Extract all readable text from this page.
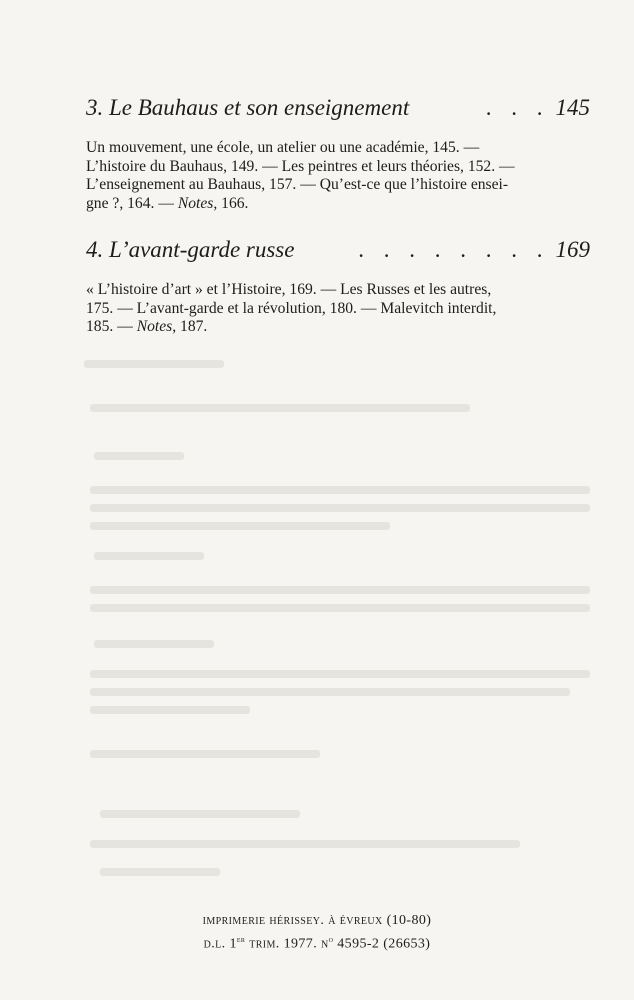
3. Le Bauhaus et son enseignement	. . . 145
Un mouvement, une école, un atelier ou une académie, 145. —
L’histoire du Bauhaus, 149. — Les peintres et leurs théories, 152. —
L’enseignement au Bauhaus, 157. — Qu’est-ce que l’histoire ensei-
gne ?, 164. — Notes, 166.
4. L’avant-garde russe	. . . . . . . . 169
« L’histoire d’art » et l’Histoire, 169. — Les Russes et les autres,
175. — L’avant-garde et la révolution, 180. — Malevitch interdit,
185. — Notes, 187.
imprimerie hérissey. à évreux (10-80)
d.l. 1er trim. 1977. $n^o$ 4595-2 (26653)
